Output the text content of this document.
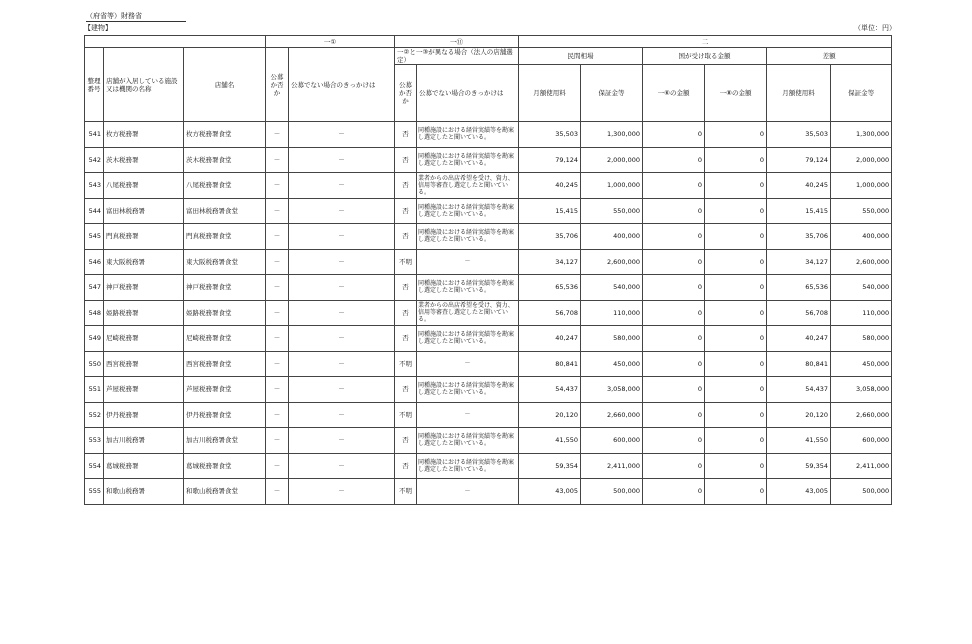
（府省等）財務省
【建物】	（単位：円）
			一①		一⑪		二					
整理番号	店舗が入居している施設又は機関の名称	店舗名	公募か否か	公募でない場合のきっかけは	一②と一③が異なる場合（法人の店舗選定）		民間相場		国が受け取る金額		差額	
					公募か否か	公募でない場合のきっかけは	月額使用料	保証金等	一⑥の金額	一⑧の金額	月額使用料	保証金等
541	枚方税務署	枚方税務署食堂	－	－	否	同種施設における経営実績等を勘案し選定したと聞いている。	35,503	1,300,000	0	0	35,503	1,300,000
542	茨木税務署	茨木税務署食堂	－	－	否	同種施設における経営実績等を勘案し選定したと聞いている。	79,124	2,000,000	0	0	79,124	2,000,000
543	八尾税務署	八尾税務署食堂	－	－	否	業者からの出店希望を受け、資力、信用等審査し選定したと聞いている。	40,245	1,000,000	0	0	40,245	1,000,000
544	富田林税務署	富田林税務署食堂	－	－	否	同種施設における経営実績等を勘案し選定したと聞いている。	15,415	550,000	0	0	15,415	550,000
545	門真税務署	門真税務署食堂	－	－	否	同種施設における経営実績等を勘案し選定したと聞いている。	35,706	400,000	0	0	35,706	400,000
546	東大阪税務署	東大阪税務署食堂	－	－	不明	－	34,127	2,600,000	0	0	34,127	2,600,000
547	神戸税務署	神戸税務署食堂	－	－	否	同種施設における経営実績等を勘案し選定したと聞いている。	65,536	540,000	0	0	65,536	540,000
548	姫路税務署	姫路税務署食堂	－	－	否	業者からの出店希望を受け、資力、信用等審査し選定したと聞いている。	56,708	110,000	0	0	56,708	110,000
549	尼崎税務署	尼崎税務署食堂	－	－	否	同種施設における経営実績等を勘案し選定したと聞いている。	40,247	580,000	0	0	40,247	580,000
550	西宮税務署	西宮税務署食堂	－	－	不明	－	80,841	450,000	0	0	80,841	450,000
551	芦屋税務署	芦屋税務署食堂	－	－	否	同種施設における経営実績等を勘案し選定したと聞いている。	54,437	3,058,000	0	0	54,437	3,058,000
552	伊丹税務署	伊丹税務署食堂	－	－	不明	－	20,120	2,660,000	0	0	20,120	2,660,000
553	加古川税務署	加古川税務署食堂	－	－	否	同種施設における経営実績等を勘案し選定したと聞いている。	41,550	600,000	0	0	41,550	600,000
554	葛城税務署	葛城税務署食堂	－	－	否	同種施設における経営実績等を勘案し選定したと聞いている。	59,354	2,411,000	0	0	59,354	2,411,000
555	和歌山税務署	和歌山税務署食堂	－	－	不明	－	43,005	500,000	0	0	43,005	500,000
